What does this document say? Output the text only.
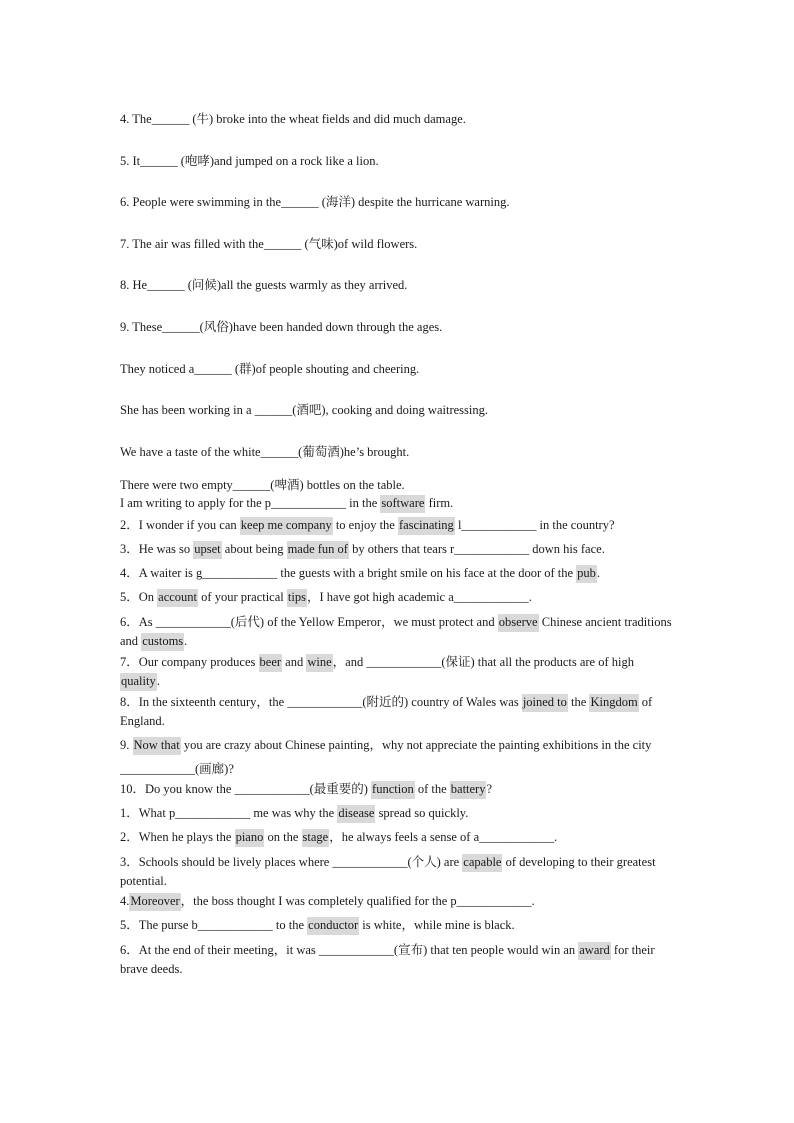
4. The______ (牛) broke into the wheat fields and did much damage.
5. It______ (咆哮)and jumped on a rock like a lion.
6. People were swimming in the______ (海洋) despite the hurricane warning.
7. The air was filled with the______ (气味)of wild flowers.
8. He______ (问候)all the guests warmly as they arrived.
9. These______(风俗)have been handed down through the ages.
They noticed a______ (群)of people shouting and cheering.
She has been working in a ______(酒吧), cooking and doing waitressing.
We have a taste of the white______(葡萄酒)he’s brought.
There were two empty______(啤酒) bottles on the table.
I am writing to apply for the p____________ in the software firm.
2．I wonder if you can keep me company to enjoy the fascinating l____________ in the country?
3．He was so upset about being made fun of by others that tears r____________ down his face.
4．A waiter is g____________ the guests with a bright smile on his face at the door of the pub.
5．On account of your practical tips，I have got high academic a____________.
6．As ____________(后代) of the Yellow Emperor，we must protect and observe Chinese ancient traditions and customs.
7．Our company produces beer and wine，and ____________(保证) that all the products are of high quality.
8．In the sixteenth century，the ____________(附近的) country of Wales was joined to the Kingdom of England.
9. Now that you are crazy about Chinese painting，why not appreciate the painting exhibitions in the city ____________(画廊)?
10．Do you know the ____________(最重要的) function of the battery?
1．What p____________ me was why the disease spread so quickly.
2．When he plays the piano on the stage，he always feels a sense of a____________.
3．Schools should be lively places where ____________(个人) are capable of developing to their greatest potential.
4.Moreover，the boss thought I was completely qualified for the p____________.
5．The purse b____________ to the conductor is white，while mine is black.
6．At the end of their meeting，it was ____________(宣布) that ten people would win an award for their brave deeds.
